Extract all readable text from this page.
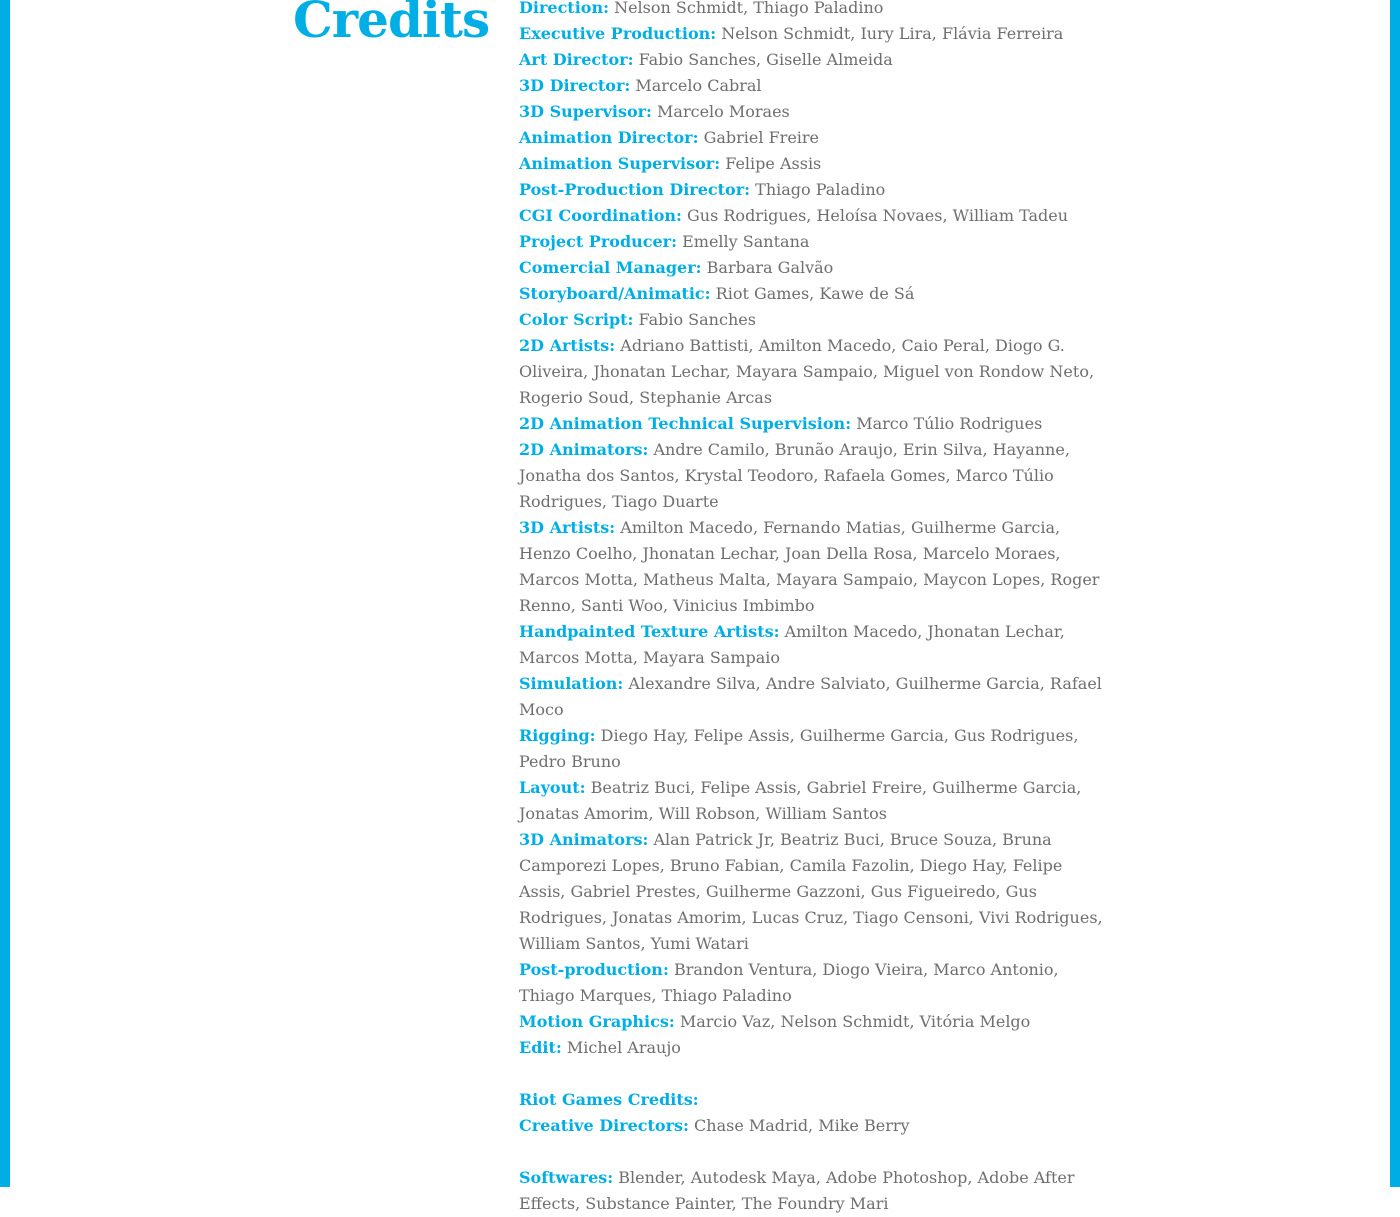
Credits Direction: Nelson Schmidt, Thiago Paladino

Executive Production: Nelson Schmidt, Iury Lira, Flávia Ferreira

Art Director: Fabio Sanches, Giselle Almeida

3D Director: Marcelo Cabral

3D Supervisor: Marcelo Moraes

Animation Director: Gabriel Freire

Animation Supervisor: Felipe Assis

Post-Production Director: Thiago Paladino

CGI Coordination: Gus Rodrigues, Heloísa Novaes, William Tadeu

Project Producer: Emelly Santana

Comercial Manager: Barbara Galvão

Storyboard/Animatic: Riot Games, Kawe de Sá

Color Script: Fabio Sanches

2D Artists: Adriano Battisti, Amilton Macedo, Caio Peral, Diogo G. Oliveira, Jhonatan Lechar, Mayara Sampaio, Miguel von Rondow Neto, Rogerio Soud, Stephanie Arcas

2D Animation Technical Supervision: Marco Túlio Rodrigues

2D Animators: Andre Camilo, Brunão Araujo, Erin Silva, Hayanne, Jonatha dos Santos, Krystal Teodoro, Rafaela Gomes, Marco Túlio Rodrigues, Tiago Duarte

3D Artists: Amilton Macedo, Fernando Matias, Guilherme Garcia, Henzo Coelho, Jhonatan Lechar, Joan Della Rosa, Marcelo Moraes, Marcos Motta, Matheus Malta, Mayara Sampaio, Maycon Lopes, Roger Renno, Santi Woo, Vinicius Imbimbo

Handpainted Texture Artists: Amilton Macedo, Jhonatan Lechar, Marcos Motta, Mayara Sampaio

Simulation: Alexandre Silva, Andre Salviato, Guilherme Garcia, Rafael Moco

Rigging: Diego Hay, Felipe Assis, Guilherme Garcia, Gus Rodrigues, Pedro Bruno

Layout: Beatriz Buci, Felipe Assis, Gabriel Freire, Guilherme Garcia, Jonatas Amorim, Will Robson, William Santos

3D Animators: Alan Patrick Jr, Beatriz Buci, Bruce Souza, Bruna Camporezi Lopes, Bruno Fabian, Camila Fazolin, Diego Hay, Felipe Assis, Gabriel Prestes, Guilherme Gazzoni, Gus Figueiredo, Gus Rodrigues, Jonatas Amorim, Lucas Cruz, Tiago Censoni, Vivi Rodrigues, William Santos, Yumi Watari

Post-production: Brandon Ventura, Diogo Vieira, Marco Antonio, Thiago Marques, Thiago Paladino

Motion Graphics: Marcio Vaz, Nelson Schmidt, Vitória Melgo

Edit: Michel Araujo

Riot Games Credits:

Creative Directors: Chase Madrid, Mike Berry

Softwares: Blender, Autodesk Maya, Adobe Photoshop, Adobe After Effects, Substance Painter, The Foundry Mari
